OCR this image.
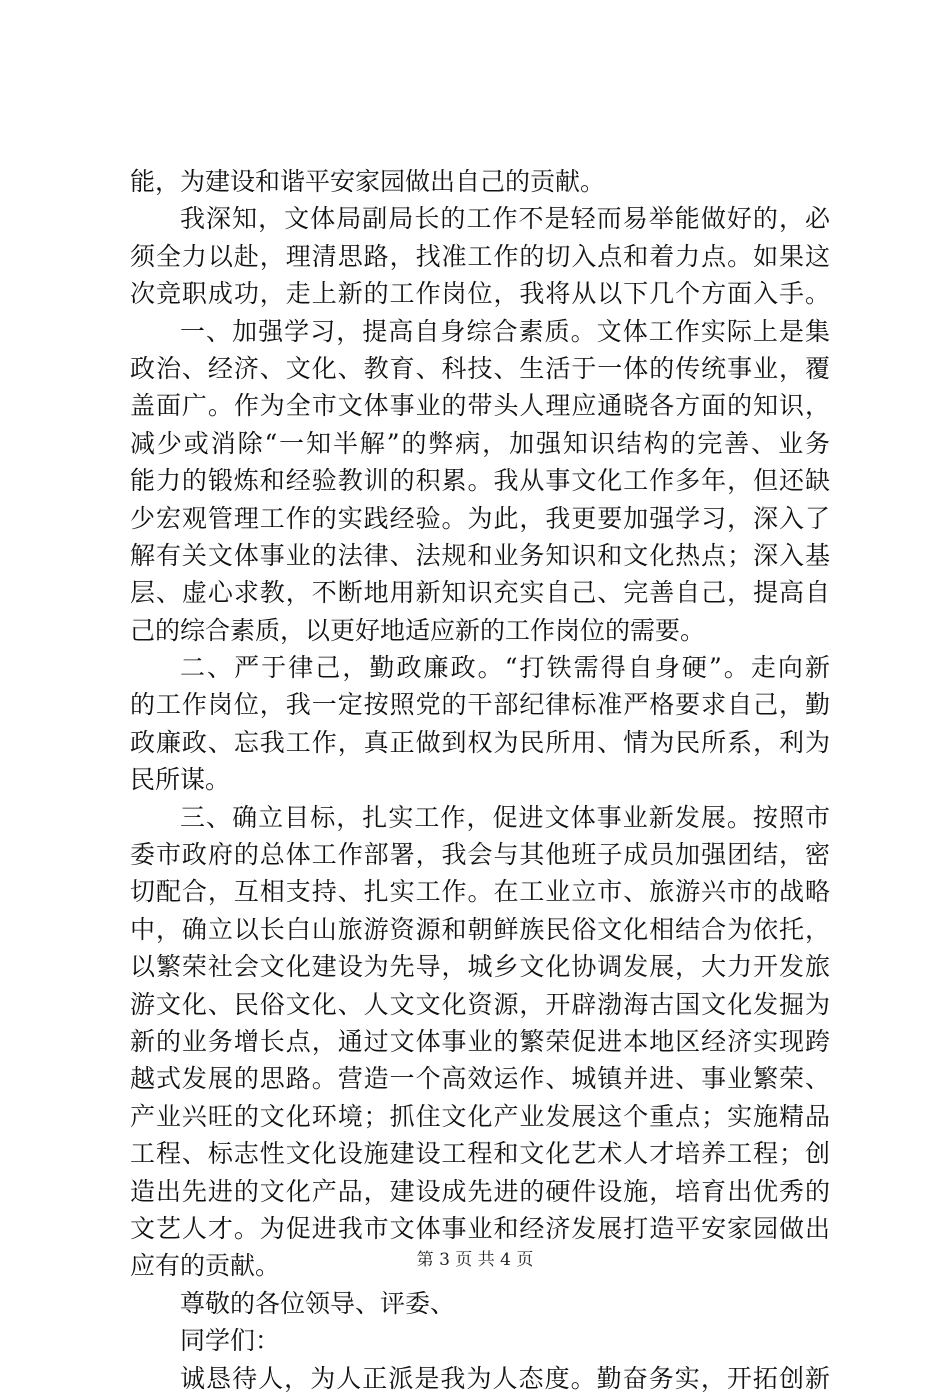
能，为建设和谐平安家园做出自己的贡献。
我深知，文体局副局长的工作不是轻而易举能做好的，必
须全力以赴，理清思路，找准工作的切入点和着力点。如果这
次竞职成功，走上新的工作岗位，我将从以下几个方面入手。
一、加强学习，提高自身综合素质。文体工作实际上是集
政治、经济、文化、教育、科技、生活于一体的传统事业，覆
盖面广。作为全市文体事业的带头人理应通晓各方面的知识，
减少或消除“一知半解”的弊病，加强知识结构的完善、业务
能力的锻炼和经验教训的积累。我从事文化工作多年，但还缺
少宏观管理工作的实践经验。为此，我更要加强学习，深入了
解有关文体事业的法律、法规和业务知识和文化热点；深入基
层、虚心求教，不断地用新知识充实自己、完善自己，提高自
己的综合素质，以更好地适应新的工作岗位的需要。
二、严于律己，勤政廉政。“打铁需得自身硬”。走向新
的工作岗位，我一定按照党的干部纪律标准严格要求自己，勤
政廉政、忘我工作，真正做到权为民所用、情为民所系，利为
民所谋。
三、确立目标，扎实工作，促进文体事业新发展。按照市
委市政府的总体工作部署，我会与其他班子成员加强团结，密
切配合，互相支持、扎实工作。在工业立市、旅游兴市的战略
中，确立以长白山旅游资源和朝鲜族民俗文化相结合为依托，
以繁荣社会文化建设为先导，城乡文化协调发展，大力开发旅
游文化、民俗文化、人文文化资源，开辟渤海古国文化发掘为
新的业务增长点，通过文体事业的繁荣促进本地区经济实现跨
越式发展的思路。营造一个高效运作、城镇并进、事业繁荣、
产业兴旺的文化环境；抓住文化产业发展这个重点；实施精品
工程、标志性文化设施建设工程和文化艺术人才培养工程；创
造出先进的文化产品，建设成先进的硬件设施，培育出优秀的
文艺人才。为促进我市文体事业和经济发展打造平安家园做出
应有的贡献。
尊敬的各位领导、评委、
同学们：
诚恳待人，为人正派是我为人态度。勤奋务实，开拓创新
第 3 页 共 4 页
